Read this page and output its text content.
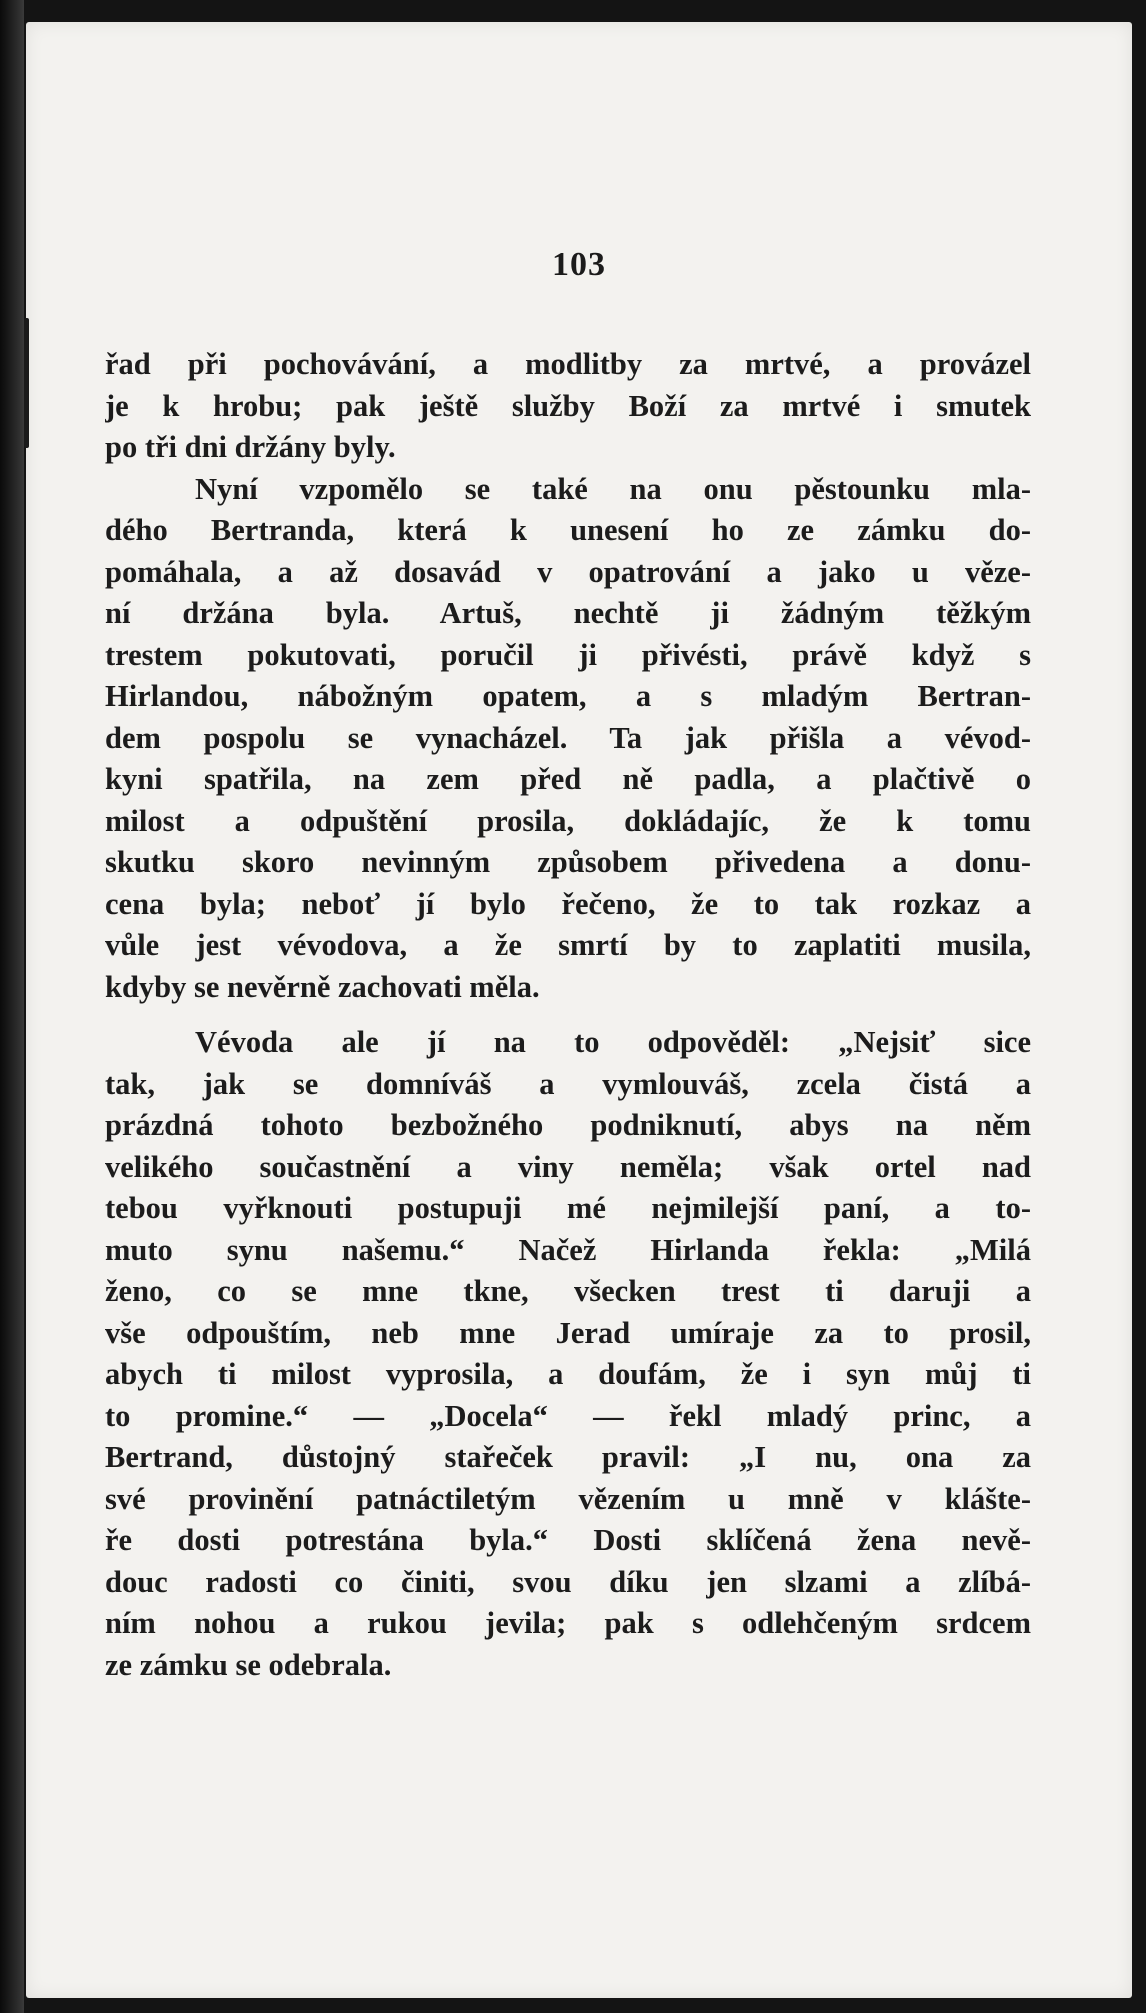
103
řad při pochovávání, a modlitby za mrtvé, a provázel
je k hrobu; pak ještě služby Boží za mrtvé i smutek
po tři dni držány byly.
Nyní vzpomělo se také na onu pěstounku mla-
dého Bertranda, která k unesení ho ze zámku do-
pomáhala, a až dosavád v opatrování a jako u věze-
ní držána byla. Artuš, nechtě ji žádným těžkým
trestem pokutovati, poručil ji přivésti, právě když s
Hirlandou, nábožným opatem, a s mladým Bertran-
dem pospolu se vynacházel. Ta jak přišla a vévod-
kyni spatřila, na zem před ně padla, a plačtivě o
milost a odpuštění prosila, dokládajíc, že k tomu
skutku skoro nevinným způsobem přivedena a donu-
cena byla; neboť jí bylo řečeno, že to tak rozkaz a
vůle jest vévodova, a že smrtí by to zaplatiti musila,
kdyby se nevěrně zachovati měla.
Vévoda ale jí na to odpověděl: „Nejsiť sice
tak, jak se domníváš a vymlouváš, zcela čistá a
prázdná tohoto bezbožného podniknutí, abys na něm
velikého součastnění a viny neměla; však ortel nad
tebou vyřknouti postupuji mé nejmilejší paní, a to-
muto synu našemu.“ Načež Hirlanda řekla: „Milá
ženo, co se mne tkne, všecken trest ti daruji a
vše odpouštím, neb mne Jerad umíraje za to prosil,
abych ti milost vyprosila, a doufám, že i syn můj ti
to promine.“ — „Docela“ — řekl mladý princ, a
Bertrand, důstojný stařeček pravil: „I nu, ona za
své provinění patnáctiletým vězením u mně v klášte-
ře dosti potrestána byla.“ Dosti sklíčená žena nevě-
douc radosti co činiti, svou díku jen slzami a zlíbá-
ním nohou a rukou jevila; pak s odlehčeným srdcem
ze zámku se odebrala.
